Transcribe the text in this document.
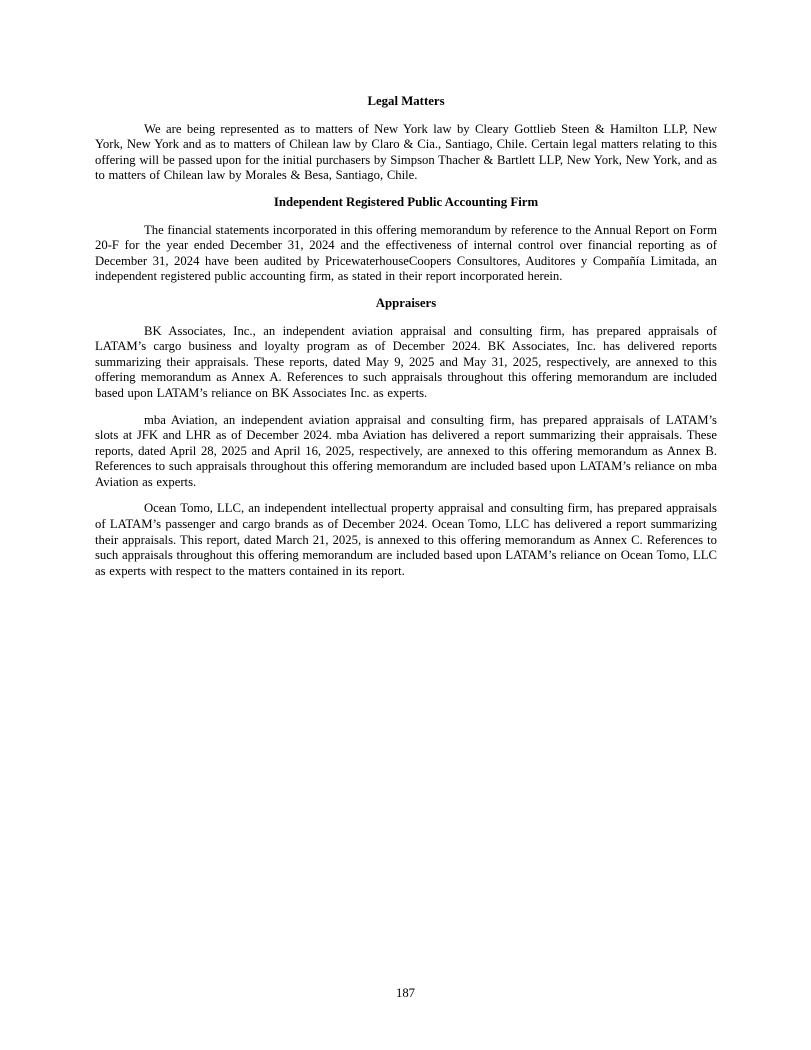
Legal Matters

We are being represented as to matters of New York law by Cleary Gottlieb Steen & Hamilton LLP, New York, New York and as to matters of Chilean law by Claro & Cia., Santiago, Chile. Certain legal matters relating to this offering will be passed upon for the initial purchasers by Simpson Thacher & Bartlett LLP, New York, New York, and as to matters of Chilean law by Morales & Besa, Santiago, Chile.

Independent Registered Public Accounting Firm

The financial statements incorporated in this offering memorandum by reference to the Annual Report on Form 20-F for the year ended December 31, 2024 and the effectiveness of internal control over financial reporting as of December 31, 2024 have been audited by PricewaterhouseCoopers Consultores, Auditores y Compañía Limitada, an independent registered public accounting firm, as stated in their report incorporated herein.

Appraisers

BK Associates, Inc., an independent aviation appraisal and consulting firm, has prepared appraisals of LATAM’s cargo business and loyalty program as of December 2024. BK Associates, Inc. has delivered reports summarizing their appraisals. These reports, dated May 9, 2025 and May 31, 2025, respectively, are annexed to this offering memorandum as Annex A. References to such appraisals throughout this offering memorandum are included based upon LATAM’s reliance on BK Associates Inc. as experts.

mba Aviation, an independent aviation appraisal and consulting firm, has prepared appraisals of LATAM’s slots at JFK and LHR as of December 2024. mba Aviation has delivered a report summarizing their appraisals. These reports, dated April 28, 2025 and April 16, 2025, respectively, are annexed to this offering memorandum as Annex B. References to such appraisals throughout this offering memorandum are included based upon LATAM’s reliance on mba Aviation as experts.

Ocean Tomo, LLC, an independent intellectual property appraisal and consulting firm, has prepared appraisals of LATAM’s passenger and cargo brands as of December 2024. Ocean Tomo, LLC has delivered a report summarizing their appraisals. This report, dated March 21, 2025, is annexed to this offering memorandum as Annex C. References to such appraisals throughout this offering memorandum are included based upon LATAM’s reliance on Ocean Tomo, LLC as experts with respect to the matters contained in its report.

187
